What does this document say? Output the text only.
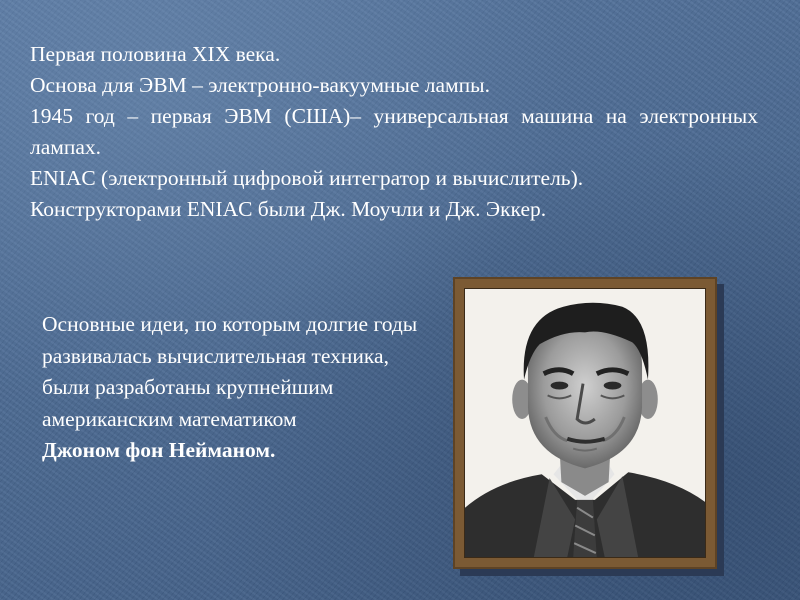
Первая половина XIX века.

Основа для ЭВМ – электронно-вакуумные лампы.

1945 год – первая ЭВМ (США)– универсальная машина на электронных лампах.

ENIAC (электронный цифровой интегратор и вычислитель).

Конструкторами ENIAC были Дж. Моучли и Дж. Эккер.

Основные идеи, по которым долгие годы развивалась вычислительная техника, были разработаны крупнейшим американским математиком

Джоном фон Нейманом.
